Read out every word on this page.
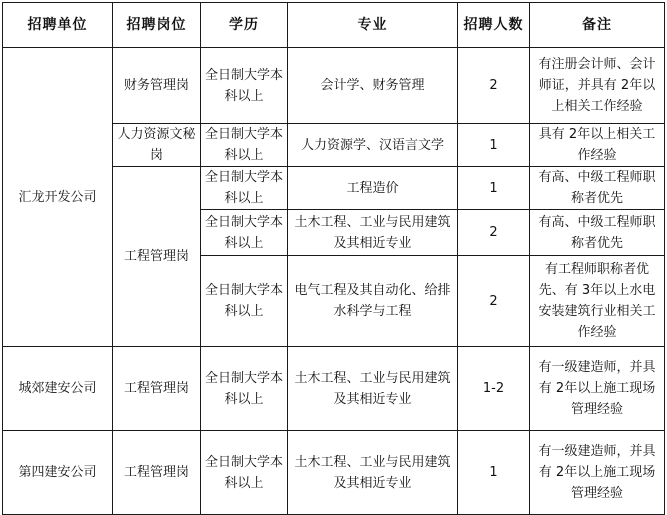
招聘单位	招聘岗位	学历	专业	招聘人数	备注
汇龙开发公司	财务管理岗	全日制大学本科以上	会计学、财务管理	2	有注册会计师、会计师证，并具有 2年以上相关工作经验
	人力资源文秘岗	全日制大学本科以上	人力资源学、汉语言文学	1	具有 2年以上相关工作经验
	工程管理岗	全日制大学本科以上	工程造价	1	有高、中级工程师职称者优先
		全日制大学本科以上	土木工程、工业与民用建筑及其相近专业	2	有高、中级工程师职称者优先
		全日制大学本科以上	电气工程及其自动化、给排水科学与工程	2	有工程师职称者优先、有 3年以上水电安装建筑行业相关工作经验
城郊建安公司	工程管理岗	全日制大学本科以上	土木工程、工业与民用建筑及其相近专业	1-2	有一级建造师，并具有 2年以上施工现场管理经验
第四建安公司	工程管理岗	全日制大学本科以上	土木工程、工业与民用建筑及其相近专业	1	有一级建造师，并具有 2年以上施工现场管理经验
